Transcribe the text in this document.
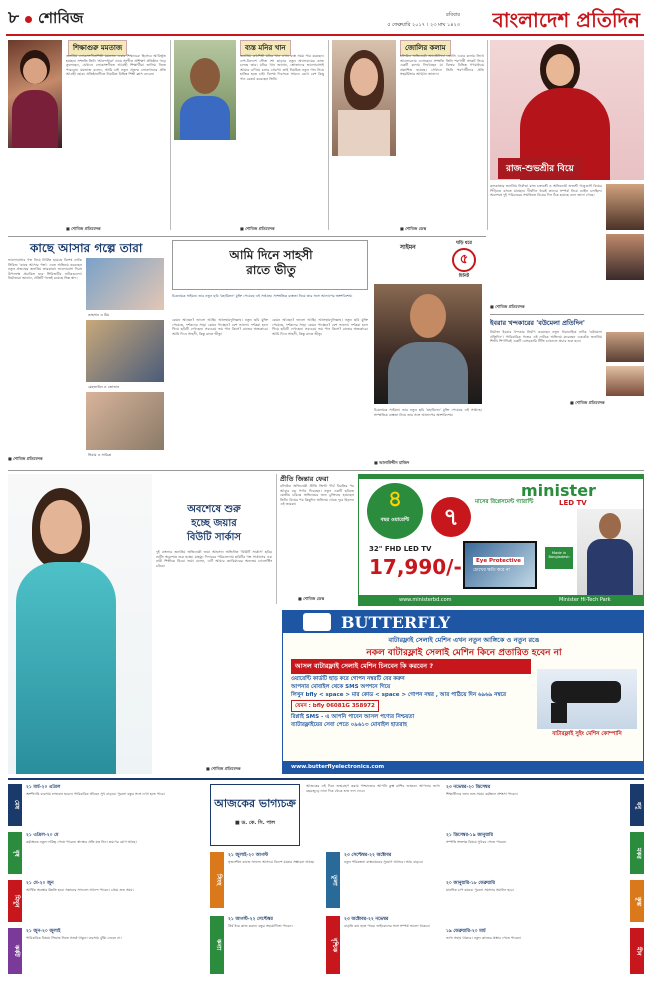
৮ শোবিজ	রবিবার
৫ ফেব্রুয়ারি ২০১৭ । ২৩ মাঘ ১৪২৩ বাংলাদেশ প্রতিদিন
শিক্ষাগুরু মমতাজ
জনপ্রিয় লোকসংগীতশিল্পী মমতাজ এবার শিক্ষাগুরু হিসেবে আবির্ভূত হচ্ছেন। সম্প্রতি তিনি 'আনন্দধারা' নামে সংগীত প্রশিক্ষণ প্রতিষ্ঠান গড়ে তুলেছেন, যেখানে লোকসংগীতে আগ্রহী শিক্ষার্থীরা তালিম নিতে পারবেন। মমতাজ বলেন, আমি চাই নতুন প্রজন্ম লোকগানের প্রতি আগ্রহী হোক। প্রতিষ্ঠানটিতে নিয়মিত বিভিন্ন শিল্পী ক্লাস নেবেন।
■ শোবিজ প্রতিবেদক
ব্যস্ত মনির খান
জনপ্রিয় কণ্ঠশিল্পী মনির খান এখন ব্যস্ত সময় পার করছেন। দেশ-বিদেশে স্টেজ শো ছাড়াও নতুন অ্যালবামের কাজ চলছে তার। মনির খান জানান, শ্রোতাদের ভালোবাসাই আমার এগিয়ে চলার প্রেরণা। তাই নিয়মিত নতুন গান নিয়ে হাজির হতে চাই। বিশেষ দিবসকে সামনে রেখে বেশ কিছু গান রেকর্ড করেছেন তিনি।
■ শোবিজ প্রতিবেদক
জোলির কলাম
হলিউড অভিনেত্রী অ্যাঞ্জেলিনা জোলি এবার কলাম লিখে আলোচনায় এসেছেন। সম্প্রতি তিনি শরণার্থী সংকট নিয়ে একটি কলাম লিখেছেন যা বিশ্বের বিভিন্ন গণমাধ্যমে প্রকাশিত হয়েছে। সেখানে তিনি শরণার্থীদের প্রতি সহমর্মিতার আহ্বান জানান।
■ শোবিজ ডেস্ক
রাজ-শুভশ্রীর বিয়ে
কলকাতার জনপ্রিয় নির্মাতা রাজ চক্রবর্তী ও অভিনেত্রী শুভশ্রী গাঙ্গুলী বিয়ের পিঁড়িতে বসতে যাচ্ছেন। দীর্ঘদিন ধরেই তাদের সম্পর্ক নিয়ে গুঞ্জন চলছিল। অবশেষে দুই পরিবারের সম্মতিতে বিয়ের দিন ঠিক হয়েছে বলে জানা গেছে।
■ শোবিজ প্রতিবেদক
ইবরার খন্দকারের 'বউমেলা প্রতিদিন'
নির্মাতা ইবরার খন্দকার নির্মাণ করেছেন নতুন ধারাবাহিক নাটক 'বউমেলা প্রতিদিন'। পারিবারিক গল্পের এই নাটকে অভিনয় করেছেন একঝাঁক জনপ্রিয় শিল্পী। শিগগিরই একটি বেসরকারি টিভি চ্যানেলে প্রচার শুরু হবে।
■ শোবিজ প্রতিবেদক
কাছে আসার গল্পে তারা
ভালোবাসার গল্প নিয়ে নির্মিত হয়েছে বিশেষ নাটক সিরিজ 'কাছে আসার গল্প'। এতে অভিনয় করেছেন নতুন প্রজন্মের জনপ্রিয় তারকারা। ভালোবাসা দিবস উপলক্ষে প্রচারিত হবে সিরিজটির নাটকগুলো। নির্মাতারা জানান, প্রতিটি গল্পেই রয়েছে ভিন্ন স্বাদ।
তাহসান ও মিম
মেহজাবিন ও জোভান
সিয়াম ও সারিকা
■ শোবিজ প্রতিবেদক
আমি দিনে সাহসী
রাতে ভীতু
চিত্রনায়ক সাইমন। তার নতুন ছবি 'মহামিলন' মুক্তি পেয়েছে এই সপ্তাহে। সাম্প্রতিক ব্যস্ততা নিয়ে তার সঙ্গে আলাপের অংশবিশেষ।
সাইমন
ঘড়ি ধরে
৫
মিনিট
কেমন আছেন? ভালো আছি। আলহামদুলিল্লাহ। নতুন ছবি মুক্তি পেয়েছে, দর্শকদের সাড়া কেমন পাচ্ছেন? বেশ ভালো। দর্শকরা হলে গিয়ে ছবিটি দেখছেন। সবচেয়ে ভয় পান কিসে? রাতের অন্ধকারে। আমি দিনে সাহসী, কিন্তু রাতে ভীতু।
কেমন আছেন? ভালো আছি। আলহামদুলিল্লাহ। নতুন ছবি মুক্তি পেয়েছে, দর্শকদের সাড়া কেমন পাচ্ছেন? বেশ ভালো। দর্শকরা হলে গিয়ে ছবিটি দেখছেন। সবচেয়ে ভয় পান কিসে? রাতের অন্ধকারে। আমি দিনে সাহসী, কিন্তু রাতে ভীতু।
চিত্রনায়ক সাইমন। তার নতুন ছবি 'মহামিলন' মুক্তি পেয়েছে এই সপ্তাহে। সাম্প্রতিক ব্যস্ততা নিয়ে তার সঙ্গে আলাপের অংশবিশেষ।
■ আলাউদ্দীন মাজিদ
অবশেষে শুরু
হচ্ছে জয়ার
বিউটি সার্কাস
দুই বাংলার জনপ্রিয় অভিনেত্রী জয়া আহসান অভিনীত 'বিউটি সার্কাস' ছবির শুটিং অবশেষে শুরু হচ্ছে। মাহমুদ দিদারের পরিচালনায় ছবিটির গল্প সার্কাসের এক নারী শিল্পীকে ঘিরে। জয়া বলেন, এটি আমার ক্যারিয়ারের অন্যতম চ্যালেঞ্জিং চরিত্র।
■ শোবিজ প্রতিবেদক
প্রীতি জিন্তার ফেরা
বলিউড অভিনেত্রী প্রীতি জিন্টা দীর্ঘ বিরতির পর আবার বড় পর্দায় ফিরছেন। নতুন একটি ছবিতে কেন্দ্রীয় চরিত্রে অভিনয়ের জন্য চুক্তিবদ্ধ হয়েছেন তিনি। বিয়ের পর কিছুদিন অভিনয় থেকে দূরে ছিলেন এই তারকা।
■ শোবিজ ডেস্ক
৪
বছর ওয়ারেন্টি	৭
মাসের রিপ্লেসমেন্ট গ্যারান্টি
minister
LED TV
32" FHD LED TV
17,990/-	Eye Protective
চোখের ক্ষতি করে না
Made in Bangladesh
www.ministerbd.com	Minister Hi-Tech Park
BUTTERFLY
বাটারফ্লাই সেলাই মেশিন এখন নতুন আঙ্গিকে ও নতুন রঙে
নকল বাটারফ্লাই সেলাই মেশিন কিনে প্রতারিত হবেন না
আসল বাটারফ্লাই সেলাই মেশিন চিনবেন কি করবেন ?
ওয়ারেন্টি কার্ডটি ছাড় করে গোপন নম্বরটি বের করুন
আপনার মোবাইল থেকে SMS অপশনে গিয়ে
লিখুন bfly < space > মার কোড < space > গোপন নম্বর , আর পাঠিয়ে দিন ৬৯৬৯ নম্বরে
যেমন : bfly 06081G 358972
রিপ্লাই SMS - এ আপনি পাবেন আসল পণ্যের নিশ্চয়তা
ব্যাটারফ্লাইয়ের সেবা পেতে ০৯৬১৩ মোবাইল হাতরাহ
বাটারফ্লাই সুইং মেশিন কোম্পানি
www.butterflyelectronics.com
মেষ
২১ মার্চ-২০ এপ্রিল
অংশীদারি ব্যবসায় লাভবান হবেন। পারিবারিক জীবনে সুখ বাড়বে। পুরনো বন্ধুর সঙ্গে দেখা হতে পারে।
বৃষ
২১ এপ্রিল-২০ মে
কর্মক্ষেত্রে নতুন দায়িত্ব পেতে পারেন। স্বাস্থ্যের প্রতি যত্ন নিন। ভ্রমণের যোগ আছে।
মিথুন
২১ মে-২০ জুন
আর্থিক অবস্থার উন্নতি হবে। সন্তানের সাফল্যে আনন্দ পাবেন। প্রেমে শুভ সময়।
কর্কট
২১ জুন-২০ জুলাই
পারিবারিক বিষয়ে সিদ্ধান্ত নিতে সতর্ক থাকুন। ব্যবসায় ঝুঁকি নেবেন না।
আজকের ভাগ্যচক্র
■ ড. কে. সি. পাল
আজকের এই দিনে জন্মগ্রহণ করায় পাশ্চাত্যের আপনি কুম্ভ রাশির জাতক। আপনার ভাগ্য বছরজুড়ে নানা দিক থেকে শুভ ফল দেবে।
সিংহ
২১ জুলাই-২০ আগস্ট
সৃজনশীল কাজে সাফল্য আসবে। বিদেশ যাত্রার সম্ভাবনা আছে।
তুলা
২৩ সেপ্টেম্বর-২২ অক্টোবর
নতুন পরিকল্পনা বাস্তবায়নের সুযোগ আসবে। আয় বাড়বে।
কন্যা
২১ আগস্ট-২২ সেপ্টেম্বর
ধৈর্য ধরে কাজ করুন। বন্ধুর সহযোগিতা পাবেন।
বৃশ্চিক
২৩ অক্টোবর-২২ নভেম্বর
বাড়তি ব্যয় হতে পারে। ভাইবোনের সঙ্গে সম্পর্ক ভালো থাকবে।
২৩ নভেম্বর-২০ ডিসেম্বর
শিক্ষার্থীদের জন্য শুভ সময়। কর্মস্থলে প্রশংসা পাবেন।
ধনু
২১ ডিসেম্বর-১৯ জানুয়ারি
সম্পত্তি সংক্রান্ত বিষয়ে সুখবর পেতে পারেন।
মকর
২০ জানুয়ারি-১৮ ফেব্রুয়ারি
মানসিক চাপ কমবে। পুরনো সমস্যার সমাধান হবে।
কুম্ভ
১৯ ফেব্রুয়ারি-২০ মার্চ
ভাগ্য সহায় থাকবে। নতুন কাজের প্রস্তাব পেতে পারেন।
মীন
